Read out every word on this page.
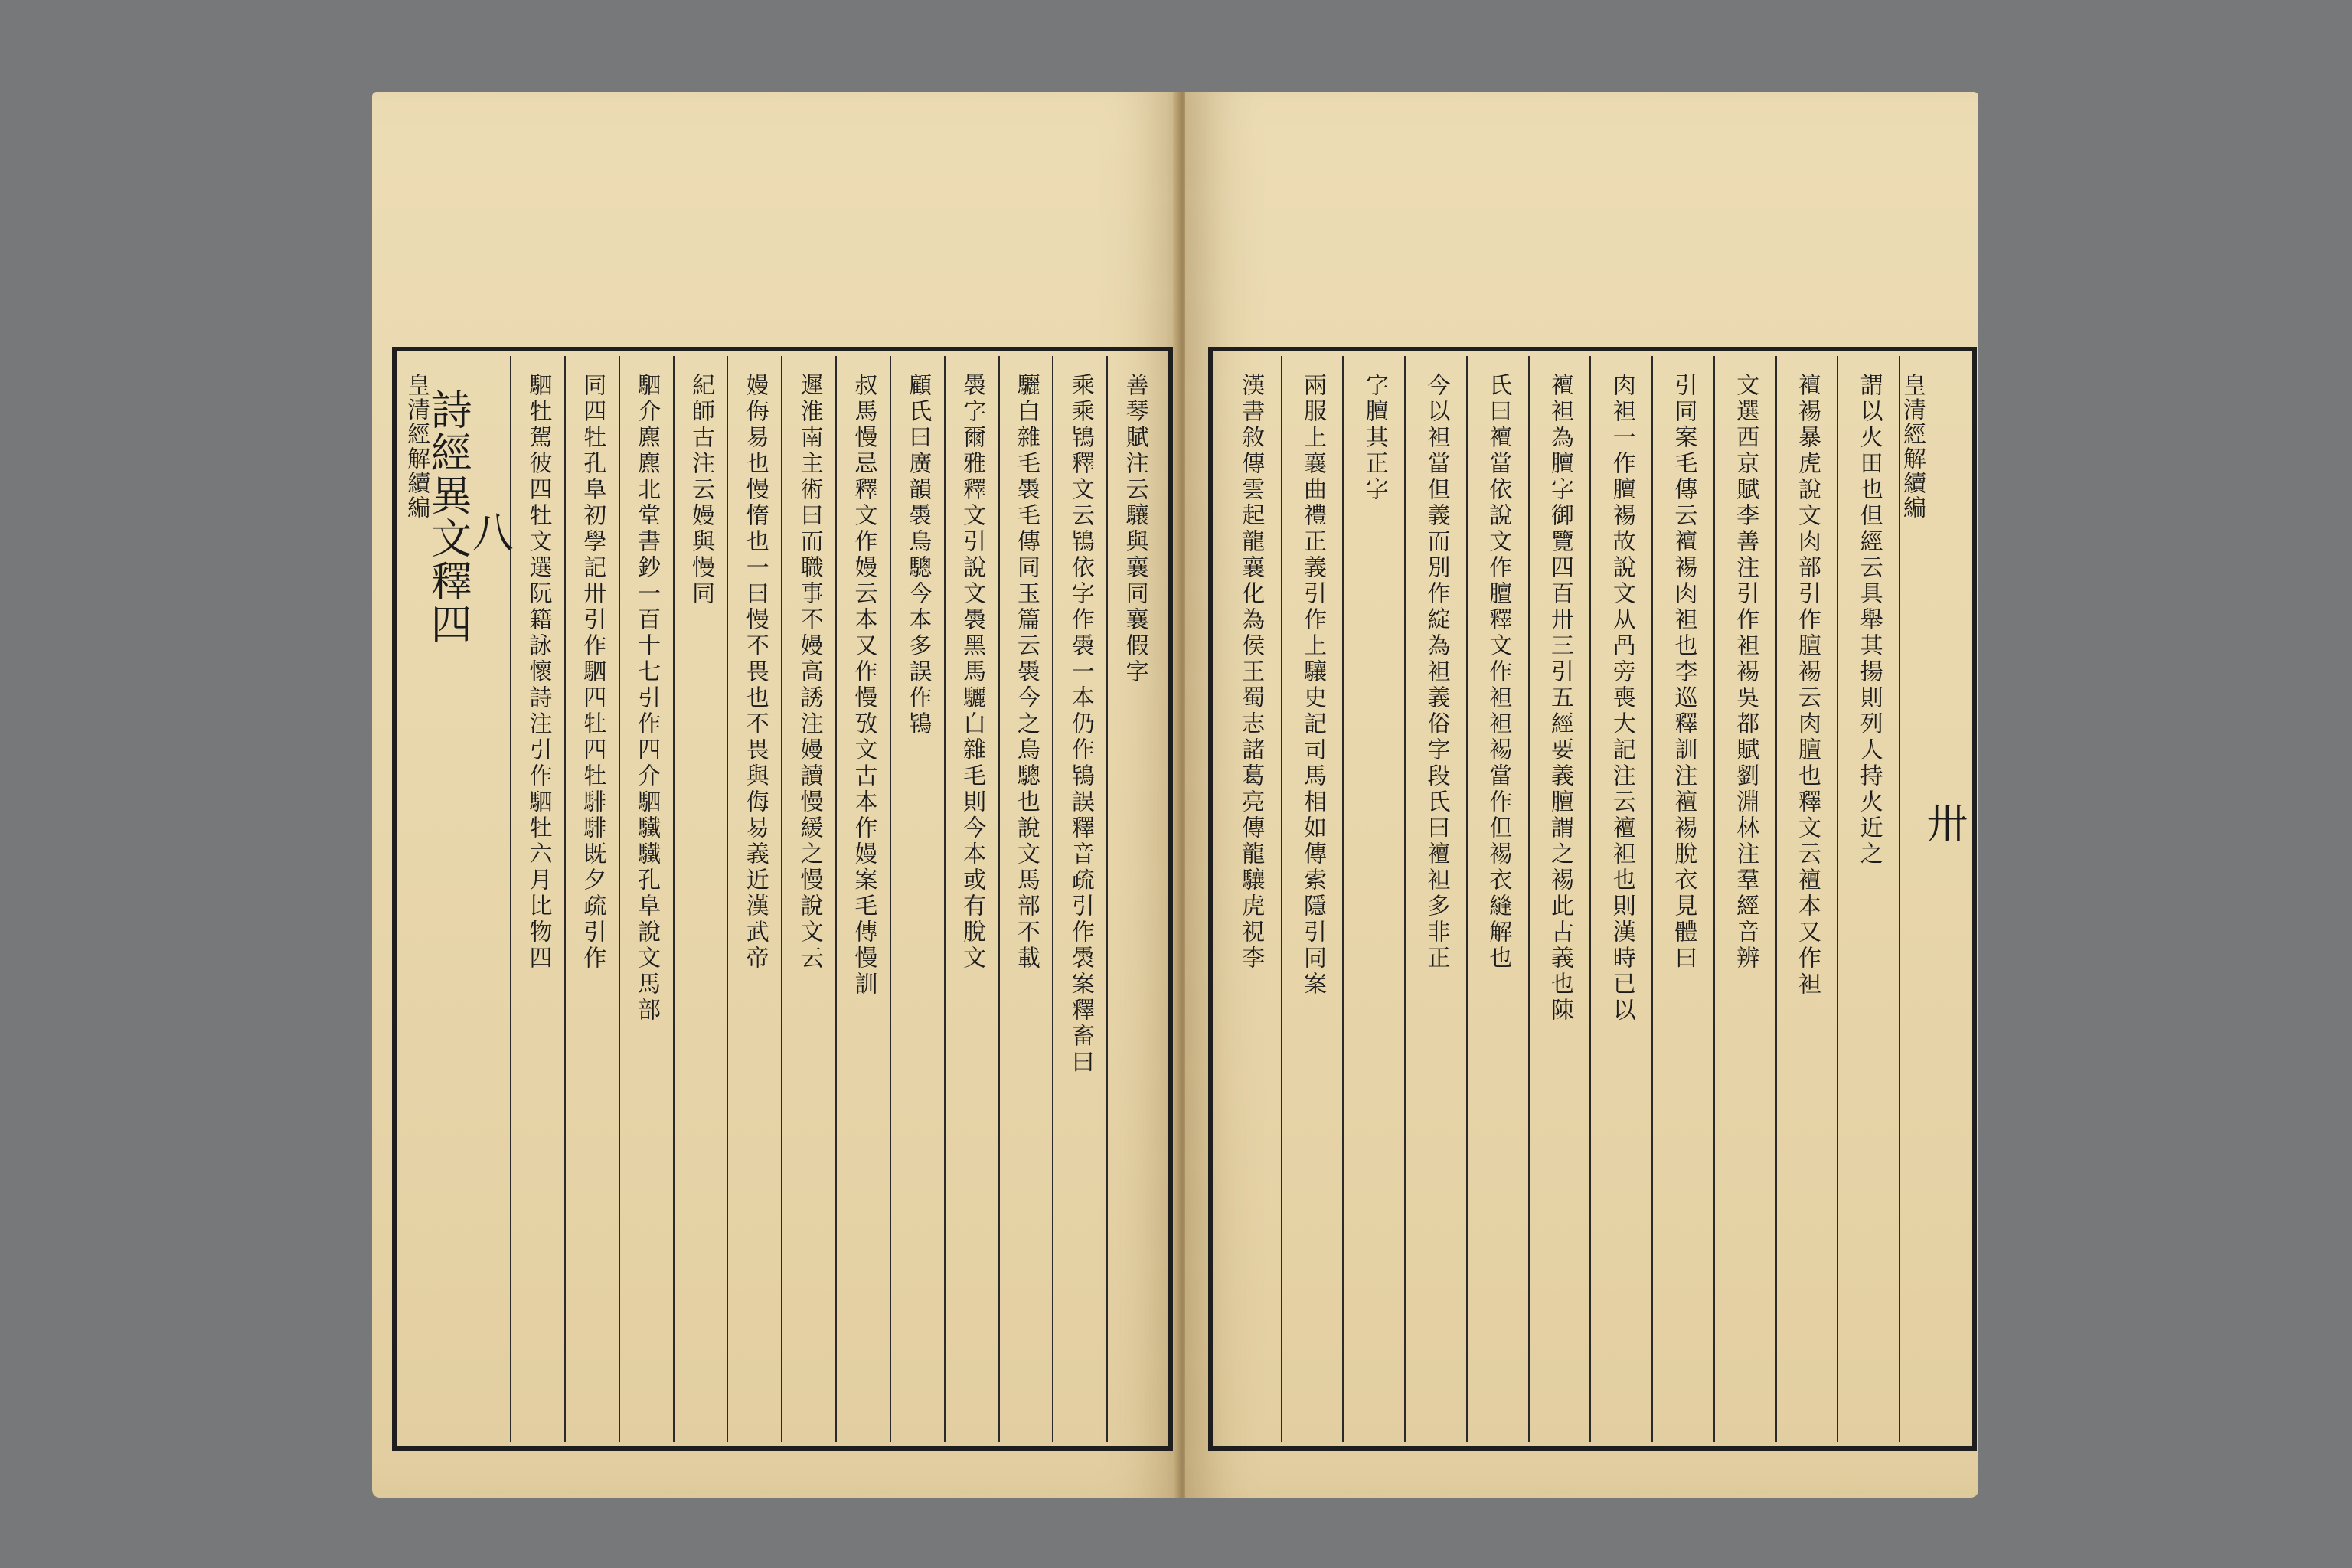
善琴賦注云驤與襄同襄假字
乘乘鴇釋文云鴇依字作䮍一本仍作鴇誤釋音疏引作䮍案釋畜曰
驪白雜毛䮍毛傳同玉篇云䮍今之烏驄也說文馬部不載
䮍字爾雅釋文引說文䮍黑馬驪白雜毛則今本或有脫文
顧氏曰廣韻䮍烏驄今本多誤作鴇
叔馬慢忌釋文作嫚云本又作慢攷文古本作嫚案毛傳慢訓
遲淮南主術曰而職事不嫚高誘注嫚讀慢緩之慢說文云
嫚侮易也慢惰也一曰慢不畏也不畏與侮易義近漢武帝
紀師古注云嫚與慢同
駟介麃麃北堂書鈔一百十七引作四介駟驖驖孔阜說文馬部
同四牡孔阜初學記卅引作駟四牡四牡騑騑既夕疏引作
駟牡駕彼四牡文選阮籍詠懷詩注引作駟牡六月比物四
皇清經解續編
詩經異文釋四
八
皇清經解續編
卅
謂以火田也但經云具舉其揚則列人持火近之
襢裼暴虎說文肉部引作膻裼云肉膻也釋文云襢本又作袒
文選西京賦李善注引作袒裼吳都賦劉淵林注羣經音辨
引同案毛傳云襢裼肉袒也李巡釋訓注襢裼脫衣見體曰
肉袒一作膻裼故說文从冎旁喪大記注云襢袒也則漢時已以
襢袒為膻字御覽四百卅三引五經要義膻謂之裼此古義也陳
氏曰襢當依說文作膻釋文作袒袒裼當作但裼衣縫解也
今以袒當但義而別作綻為袒義俗字段氏曰襢袒多非正
字膻其正字
兩服上襄曲禮正義引作上驤史記司馬相如傳索隱引同案
漢書敘傳雲起龍襄化為侯王蜀志諸葛亮傳龍驤虎視李
